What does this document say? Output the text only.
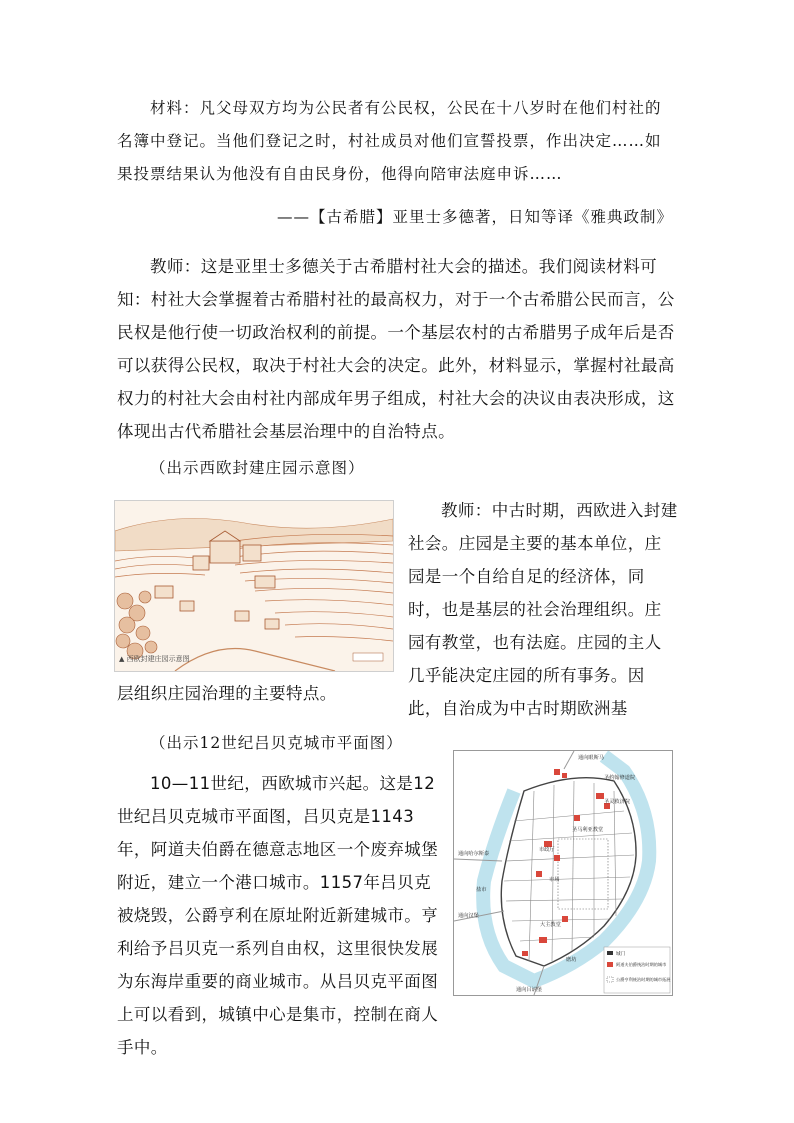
材料：凡父母双方均为公民者有公民权，公民在十八岁时在他们村社的名簿中登记。当他们登记之时，村社成员对他们宣誓投票，作出决定……如果投票结果认为他没有自由民身份，他得向陪审法庭申诉……

——【古希腊】亚里士多德著，日知等译《雅典政制》

教师：这是亚里士多德关于古希腊村社大会的描述。我们阅读材料可知：村社大会掌握着古希腊村社的最高权力，对于一个古希腊公民而言，公民权是他行使一切政治权利的前提。一个基层农村的古希腊男子成年后是否可以获得公民权，取决于村社大会的决定。此外，材料显示，掌握村社最高权力的村社大会由村社内部成年男子组成，村社大会的决议由表决形成，这体现出古代希腊社会基层治理中的自治特点。

（出示西欧封建庄园示意图）

▲ 西欧封建庄园示意图

教师：中古时期，西欧进入封建社会。庄园是主要的基本单位，庄园是一个自给自足的经济体，同时，也是基层的社会治理组织。庄园有教堂，也有法庭。庄园的主人几乎能决定庄园的所有事务。因此，自治成为中古时期欧洲基

层组织庄园治理的主要特点。

（出示12世纪吕贝克城市平面图）

10—11世纪，西欧城市兴起。这是12世纪吕贝克城市平面图，吕贝克是1143年，阿道夫伯爵在德意志地区一个废弃城堡附近，建立一个港口城市。1157年吕贝克被烧毁，公爵亨利在原址附近新建城市。亨利给予吕贝克一系列自由权，这里很快发展为东海岸重要的商业城市。从吕贝克平面图上可以看到，城镇中心是集市，控制在商人手中。

通向眼斯马
圣约翰修道院
圣灵救济院
圣马利亚教堂
市场
市政厅
大主教堂
磨坊
通向哈尔斯泰
通向汉堡
通向吕讷堡
盐市
城门
阿道夫伯爵统治时期的城市
公爵亨利统治时期的城市拓展
